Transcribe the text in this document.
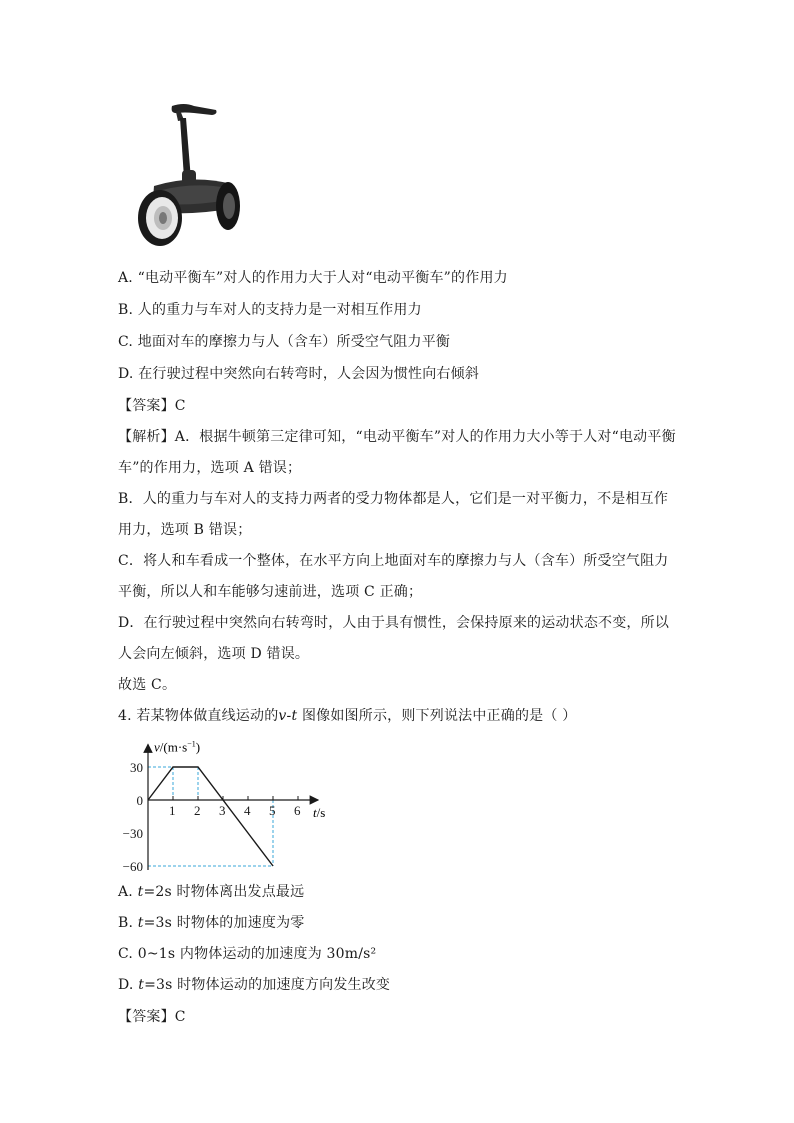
A. “电动平衡车”对人的作用力大于人对“电动平衡车”的作用力
B. 人的重力与车对人的支持力是一对相互作用力
C. 地面对车的摩擦力与人（含车）所受空气阻力平衡
D. 在行驶过程中突然向右转弯时，人会因为惯性向右倾斜
【答案】C
【解析】A．根据牛顿第三定律可知，“电动平衡车”对人的作用力大小等于人对“电动平衡
车”的作用力，选项 A 错误；
B．人的重力与车对人的支持力两者的受力物体都是人，它们是一对平衡力，不是相互作
用力，选项 B 错误；
C．将人和车看成一个整体，在水平方向上地面对车的摩擦力与人（含车）所受空气阻力
平衡，所以人和车能够匀速前进，选项 C 正确；
D．在行驶过程中突然向右转弯时，人由于具有惯性，会保持原来的运动状态不变，所以
人会向左倾斜，选项 D 错误。
故选 C。
4. 若某物体做直线运动的v-t 图像如图所示，则下列说法中正确的是（ ）
1 2 3 4 5 6
30
0
−30
−60
$v/(m\cdot s^{-1})$
t/s
A. t=2s 时物体离出发点最远
B. t=3s 时物体的加速度为零
C. 0~1s 内物体运动的加速度为 30m/s²
D. t=3s 时物体运动的加速度方向发生改变
【答案】C
